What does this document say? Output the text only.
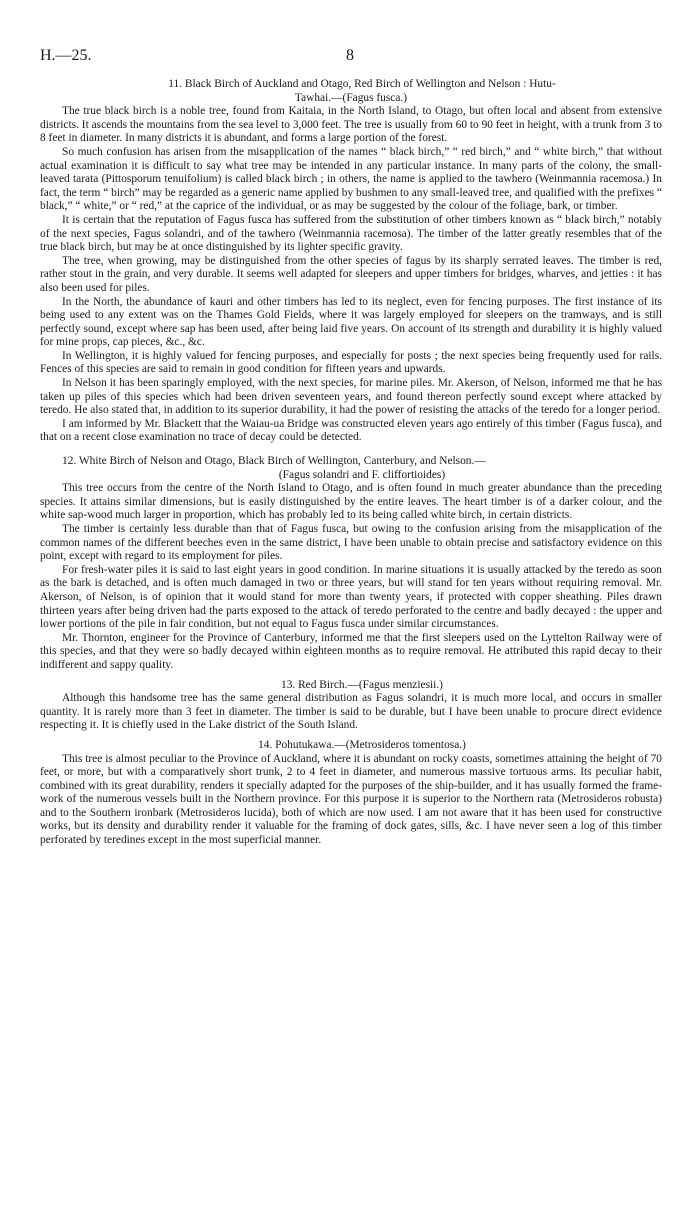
H.—25.	8

11. Black Birch of Auckland and Otago, Red Birch of Wellington and Nelson : Hutu-
Tawhai.—(Fagus fusca.)

The true black birch is a noble tree, found from Kaitaia, in the North Island, to Otago, but often local and absent from extensive districts. It ascends the mountains from the sea level to 3,000 feet. The tree is usually from 60 to 90 feet in height, with a trunk from 3 to 8 feet in diameter. In many districts it is abundant, and forms a large portion of the forest.

So much confusion has arisen from the misapplication of the names “ black birch,” “ red birch,” and “ white birch,” that without actual examination it is difficult to say what tree may be intended in any particular instance. In many parts of the colony, the small-leaved tarata (Pittosporum tenuifolium) is called black birch ; in others, the name is applied to the tawhero (Weinmannia racemosa.) In fact, the term “ birch” may be regarded as a generic name applied by bushmen to any small-leaved tree, and qualified with the prefixes “ black,” “ white,” or “ red,” at the caprice of the individual, or as may be suggested by the colour of the foliage, bark, or timber.

It is certain that the reputation of Fagus fusca has suffered from the substitution of other timbers known as “ black birch,” notably of the next species, Fagus solandri, and of the tawhero (Weinmannia racemosa). The timber of the latter greatly resembles that of the true black birch, but may be at once distinguished by its lighter specific gravity.

The tree, when growing, may be distinguished from the other species of fagus by its sharply serrated leaves. The timber is red, rather stout in the grain, and very durable. It seems well adapted for sleepers and upper timbers for bridges, wharves, and jetties : it has also been used for piles.

In the North, the abundance of kauri and other timbers has led to its neglect, even for fencing purposes. The first instance of its being used to any extent was on the Thames Gold Fields, where it was largely employed for sleepers on the tramways, and is still perfectly sound, except where sap has been used, after being laid five years. On account of its strength and durability it is highly valued for mine props, cap pieces, &c., &c.

In Wellington, it is highly valued for fencing purposes, and especially for posts ; the next species being frequently used for rails. Fences of this species are said to remain in good condition for fifteen years and upwards.

In Nelson it has been sparingly employed, with the next species, for marine piles. Mr. Akerson, of Nelson, informed me that he has taken up piles of this species which had been driven seventeen years, and found thereon perfectly sound except where attacked by teredo. He also stated that, in addition to its superior durability, it had the power of resisting the attacks of the teredo for a longer period.

I am informed by Mr. Blackett that the Waiau-ua Bridge was constructed eleven years ago entirely of this timber (Fagus fusca), and that on a recent close examination no trace of decay could be detected.

12. White Birch of Nelson and Otago, Black Birch of Wellington, Canterbury, and Nelson.—
(Fagus solandri and F. cliffortioides)

This tree occurs from the centre of the North Island to Otago, and is often found in much greater abundance than the preceding species. It attains similar dimensions, but is easily distinguished by the entire leaves. The heart timber is of a darker colour, and the white sap-wood much larger in proportion, which has probably led to its being called white birch, in certain districts.

The timber is certainly less durable than that of Fagus fusca, but owing to the confusion arising from the misapplication of the common names of the different beeches even in the same district, I have been unable to obtain precise and satisfactory evidence on this point, except with regard to its employment for piles.

For fresh-water piles it is said to last eight years in good condition. In marine situations it is usually attacked by the teredo as soon as the bark is detached, and is often much damaged in two or three years, but will stand for ten years without requiring removal. Mr. Akerson, of Nelson, is of opinion that it would stand for more than twenty years, if protected with copper sheathing. Piles drawn thirteen years after being driven had the parts exposed to the attack of teredo perforated to the centre and badly decayed : the upper and lower portions of the pile in fair condition, but not equal to Fagus fusca under similar circumstances.

Mr. Thornton, engineer for the Province of Canterbury, informed me that the first sleepers used on the Lyttelton Railway were of this species, and that they were so badly decayed within eighteen months as to require removal. He attributed this rapid decay to their indifferent and sappy quality.

13. Red Birch.—(Fagus menziesii.)

Although this handsome tree has the same general distribution as Fagus solandri, it is much more local, and occurs in smaller quantity. It is rarely more than 3 feet in diameter. The timber is said to be durable, but I have been unable to procure direct evidence respecting it. It is chiefly used in the Lake district of the South Island.

14. Pohutukawa.—(Metrosideros tomentosa.)

This tree is almost peculiar to the Province of Auckland, where it is abundant on rocky coasts, sometimes attaining the height of 70 feet, or more, but with a comparatively short trunk, 2 to 4 feet in diameter, and numerous massive tortuous arms. Its peculiar habit, combined with its great durability, renders it specially adapted for the purposes of the ship-builder, and it has usually formed the frame-work of the numerous vessels built in the Northern province. For this purpose it is superior to the Northern rata (Metrosideros robusta) and to the Southern ironbark (Metrosideros lucida), both of which are now used. I am not aware that it has been used for constructive works, but its density and durability render it valuable for the framing of dock gates, sills, &c. I have never seen a log of this timber perforated by teredines except in the most superficial manner.
